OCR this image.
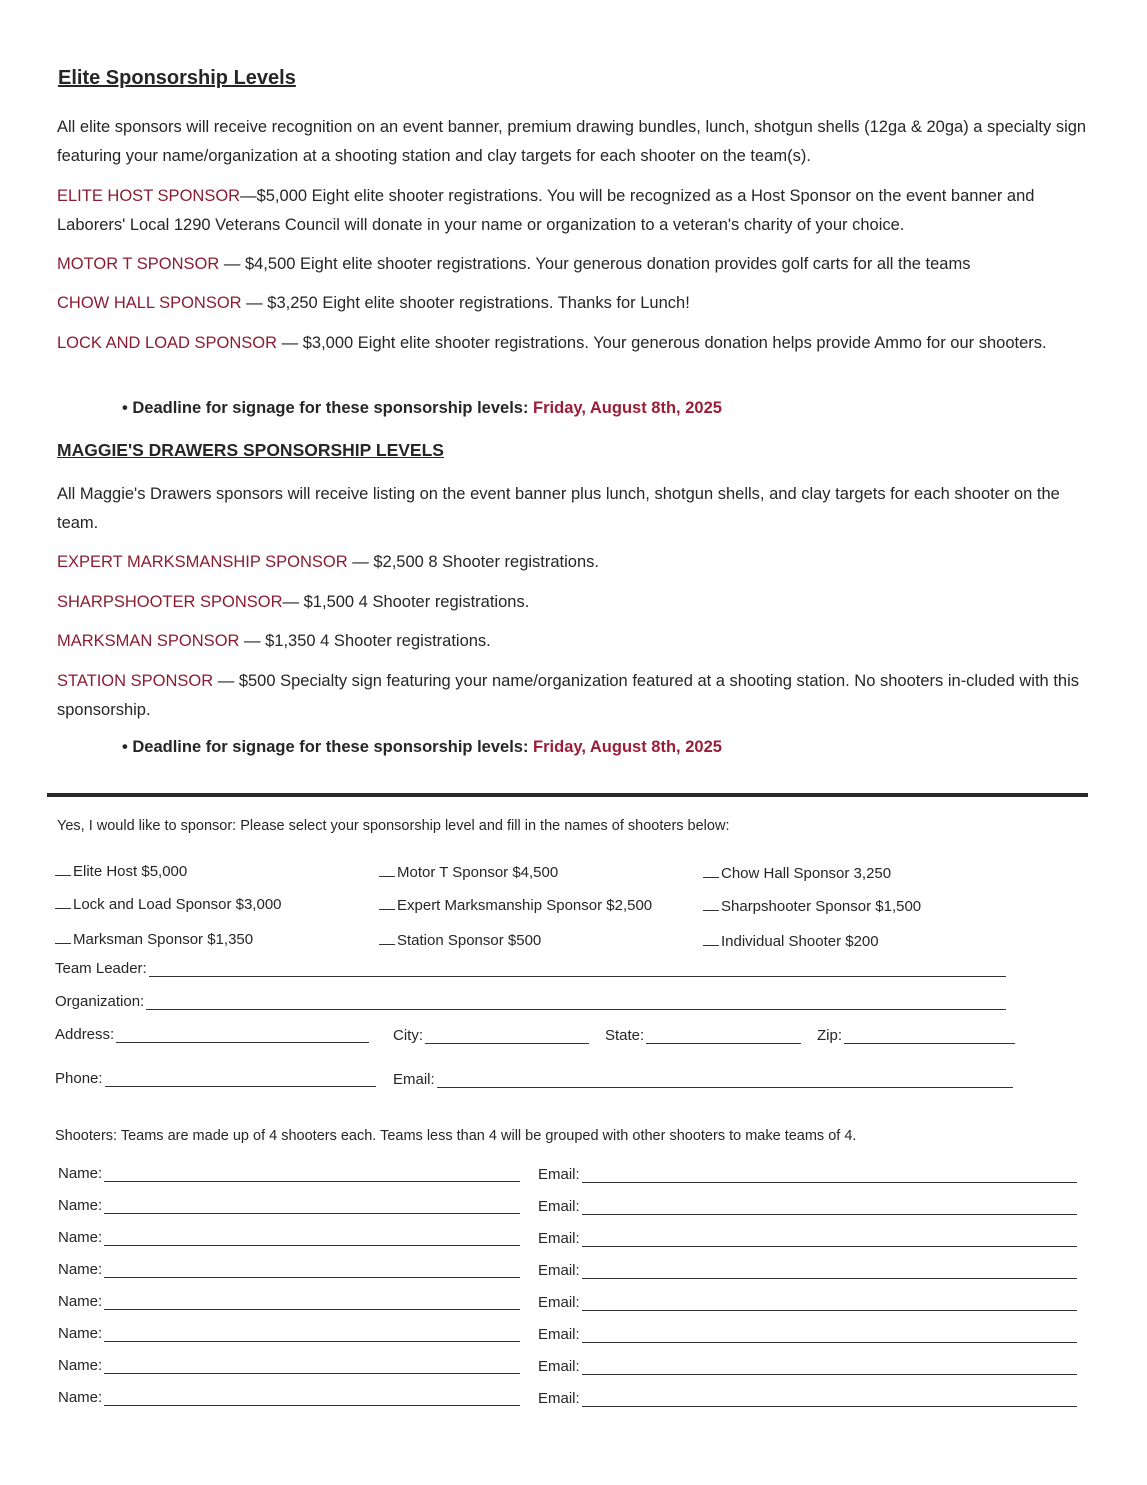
Elite Sponsorship Levels
All elite sponsors will receive recognition on an event banner, premium drawing bundles, lunch, shotgun shells (12ga & 20ga) a specialty sign featuring your name/organization at a shooting station and clay targets for each shooter on the team(s).
ELITE HOST SPONSOR—$5,000 Eight elite shooter registrations. You will be recognized as a Host Sponsor on the event banner and Laborers' Local 1290 Veterans Council will donate in your name or organization to a veteran's charity of your choice.
MOTOR T SPONSOR — $4,500 Eight elite shooter registrations. Your generous donation provides golf carts for all the teams
CHOW HALL SPONSOR — $3,250 Eight elite shooter registrations. Thanks for Lunch!
LOCK AND LOAD SPONSOR — $3,000 Eight elite shooter registrations. Your generous donation helps provide Ammo for our shooters.
• Deadline for signage for these sponsorship levels: Friday, August 8th, 2025
MAGGIE'S DRAWERS SPONSORSHIP LEVELS
All Maggie's Drawers sponsors will receive listing on the event banner plus lunch, shotgun shells, and clay targets for each shooter on the team.
EXPERT MARKSMANSHIP SPONSOR — $2,500 8 Shooter registrations.
SHARPSHOOTER SPONSOR— $1,500 4 Shooter registrations.
MARKSMAN SPONSOR — $1,350 4 Shooter registrations.
STATION SPONSOR — $500 Specialty sign featuring your name/organization featured at a shooting station. No shooters in-cluded with this sponsorship.
• Deadline for signage for these sponsorship levels: Friday, August 8th, 2025
Yes, I would like to sponsor: Please select your sponsorship level and fill in the names of shooters below:
Elite Host $5,000	Motor T Sponsor $4,500	Chow Hall Sponsor 3,250
Lock and Load Sponsor $3,000	Expert Marksmanship Sponsor $2,500	Sharpshooter Sponsor $1,500
Marksman Sponsor $1,350	Station Sponsor $500	Individual Shooter $200
Team Leader:
Organization:
Address:	City:	State:	Zip:
Phone:	Email:
Shooters: Teams are made up of 4 shooters each. Teams less than 4 will be grouped with other shooters to make teams of 4.
Name:	Email:
Name:	Email:
Name:	Email:
Name:	Email:
Name:	Email:
Name:	Email:
Name:	Email:
Name:	Email:
